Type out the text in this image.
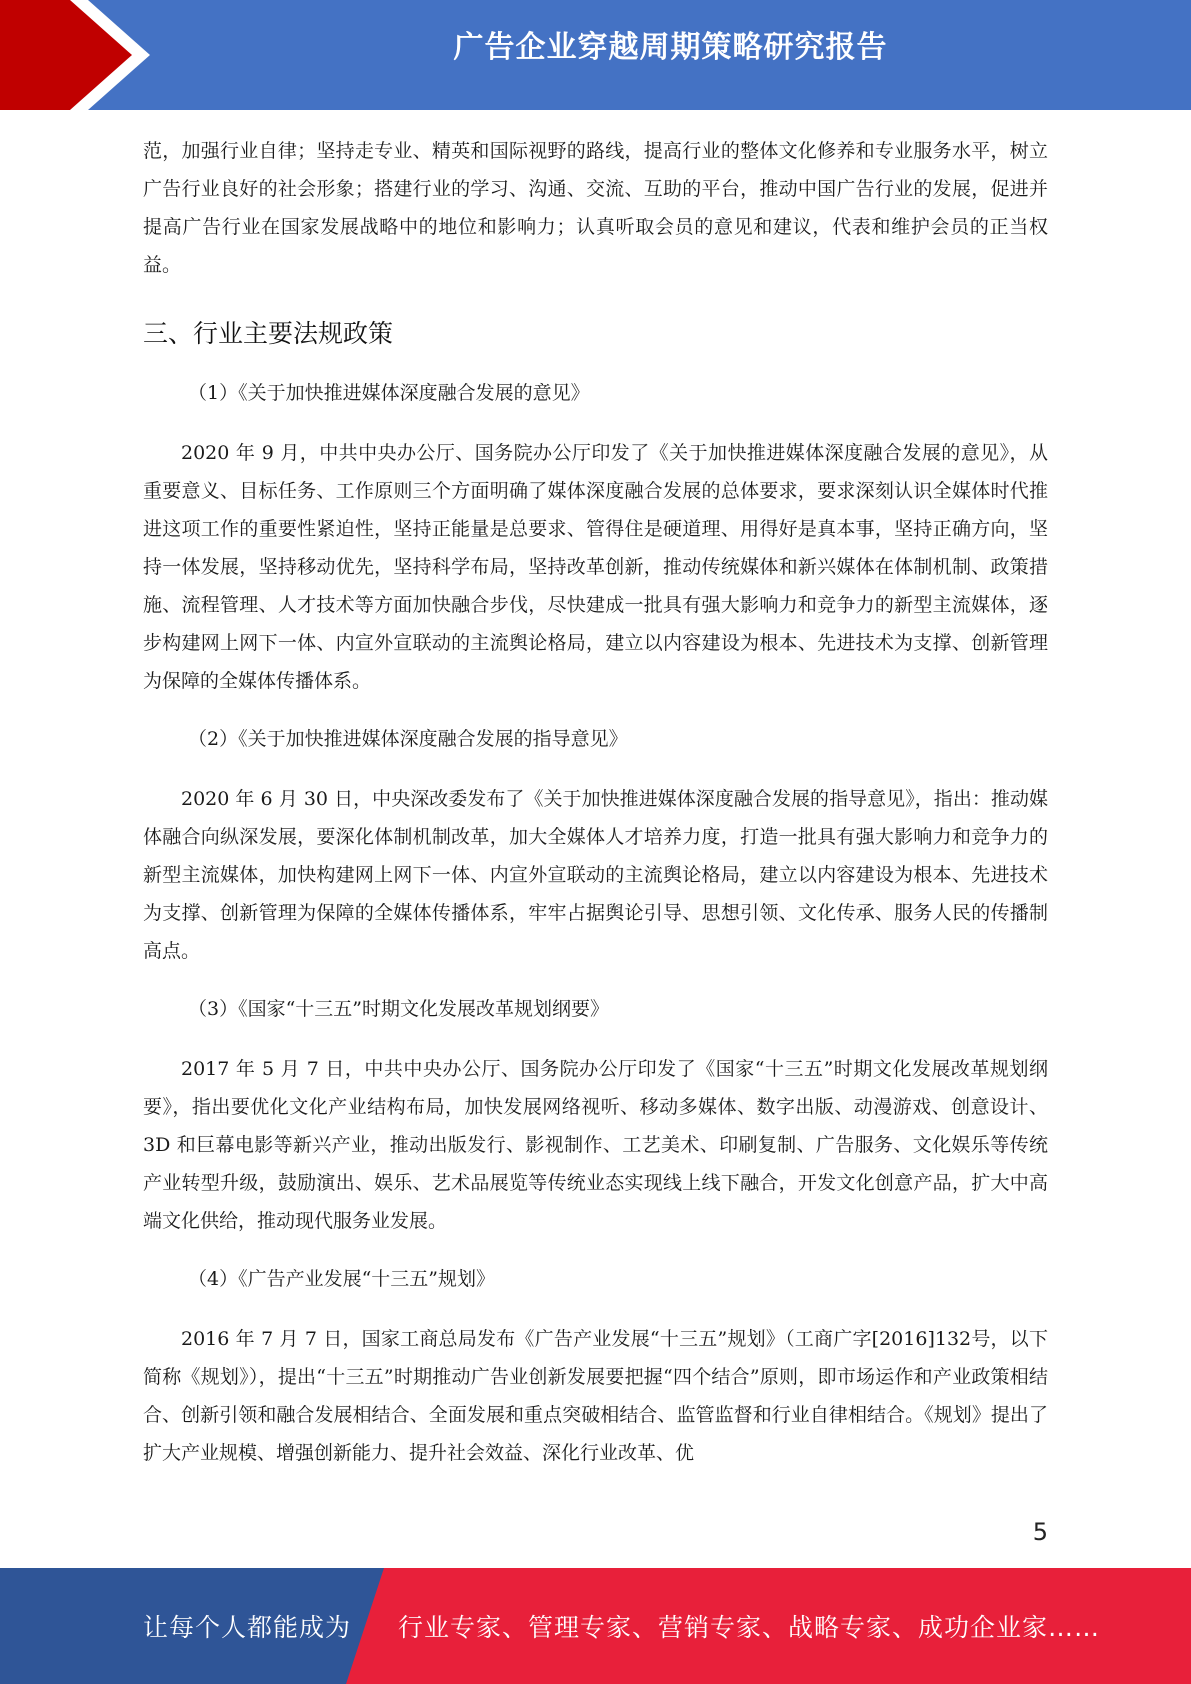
广告企业穿越周期策略研究报告

范，加强行业自律；坚持走专业、精英和国际视野的路线，提高行业的整体文化修养和专业服务水平，树立广告行业良好的社会形象；搭建行业的学习、沟通、交流、互助的平台，推动中国广告行业的发展，促进并提高广告行业在国家发展战略中的地位和影响力；认真听取会员的意见和建议，代表和维护会员的正当权益。

三、行业主要法规政策
（1）《关于加快推进媒体深度融合发展的意见》

2020 年 9 月，中共中央办公厅、国务院办公厅印发了《关于加快推进媒体深度融合发展的意见》，从重要意义、目标任务、工作原则三个方面明确了媒体深度融合发展的总体要求，要求深刻认识全媒体时代推进这项工作的重要性紧迫性，坚持正能量是总要求、管得住是硬道理、用得好是真本事，坚持正确方向，坚持一体发展，坚持移动优先，坚持科学布局，坚持改革创新，推动传统媒体和新兴媒体在体制机制、政策措施、流程管理、人才技术等方面加快融合步伐，尽快建成一批具有强大影响力和竞争力的新型主流媒体，逐步构建网上网下一体、内宣外宣联动的主流舆论格局，建立以内容建设为根本、先进技术为支撑、创新管理为保障的全媒体传播体系。

（2）《关于加快推进媒体深度融合发展的指导意见》

2020 年 6 月 30 日，中央深改委发布了《关于加快推进媒体深度融合发展的指导意见》，指出：推动媒体融合向纵深发展，要深化体制机制改革，加大全媒体人才培养力度，打造一批具有强大影响力和竞争力的新型主流媒体，加快构建网上网下一体、内宣外宣联动的主流舆论格局，建立以内容建设为根本、先进技术为支撑、创新管理为保障的全媒体传播体系，牢牢占据舆论引导、思想引领、文化传承、服务人民的传播制高点。

（3）《国家“十三五”时期文化发展改革规划纲要》

2017 年 5 月 7 日，中共中央办公厅、国务院办公厅印发了《国家“十三五”时期文化发展改革规划纲要》，指出要优化文化产业结构布局，加快发展网络视听、移动多媒体、数字出版、动漫游戏、创意设计、3D 和巨幕电影等新兴产业，推动出版发行、影视制作、工艺美术、印刷复制、广告服务、文化娱乐等传统产业转型升级，鼓励演出、娱乐、艺术品展览等传统业态实现线上线下融合，开发文化创意产品，扩大中高端文化供给，推动现代服务业发展。

（4）《广告产业发展“十三五”规划》

2016 年 7 月 7 日，国家工商总局发布《广告产业发展“十三五”规划》（工商广字[2016]132号，以下简称《规划》），提出“十三五”时期推动广告业创新发展要把握“四个结合”原则，即市场运作和产业政策相结合、创新引领和融合发展相结合、全面发展和重点突破相结合、监管监督和行业自律相结合。《规划》提出了扩大产业规模、增强创新能力、提升社会效益、深化行业改革、优

5
让每个人都能成为 行业专家、管理专家、营销专家、战略专家、成功企业家……
